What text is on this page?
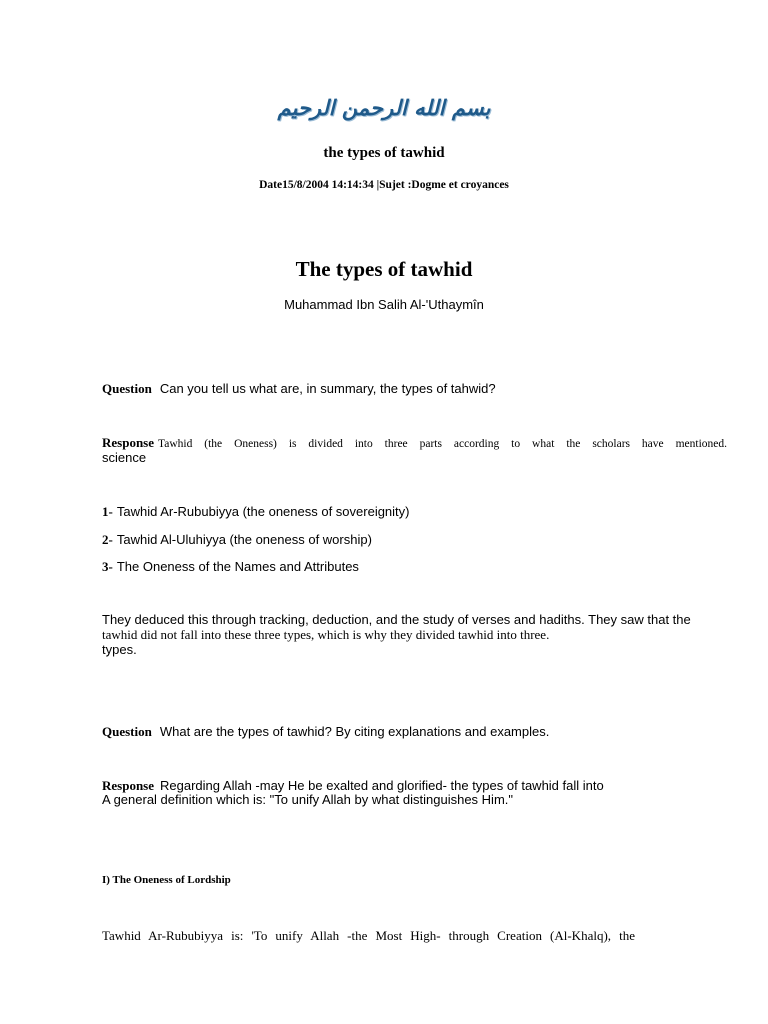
بسم الله الرحمن الرحيم
the types of tawhid
Date15/8/2004 14:14:34 |Sujet :Dogme et croyances
The types of tawhid
Muhammad Ibn Salih Al-'Uthaymîn
Question Can you tell us what are, in summary, the types of tahwid?
Response Tawhid (the Oneness) is divided into three parts according to what the scholars have mentioned.
science
1- Tawhid Ar-Rububiyya (the oneness of sovereignity)
2- Tawhid Al-Uluhiyya (the oneness of worship)
3- The Oneness of the Names and Attributes
They deduced this through tracking, deduction, and the study of verses and hadiths. They saw that the
tawhid did not fall into these three types, which is why they divided tawhid into three.
types.
Question What are the types of tawhid? By citing explanations and examples.
Response Regarding Allah -may He be exalted and glorified- the types of tawhid fall into
A general definition which is: "To unify Allah by what distinguishes Him."
I) The Oneness of Lordship
Tawhid Ar-Rububiyya is: 'To unify Allah -the Most High- through Creation (Al-Khalq), the
